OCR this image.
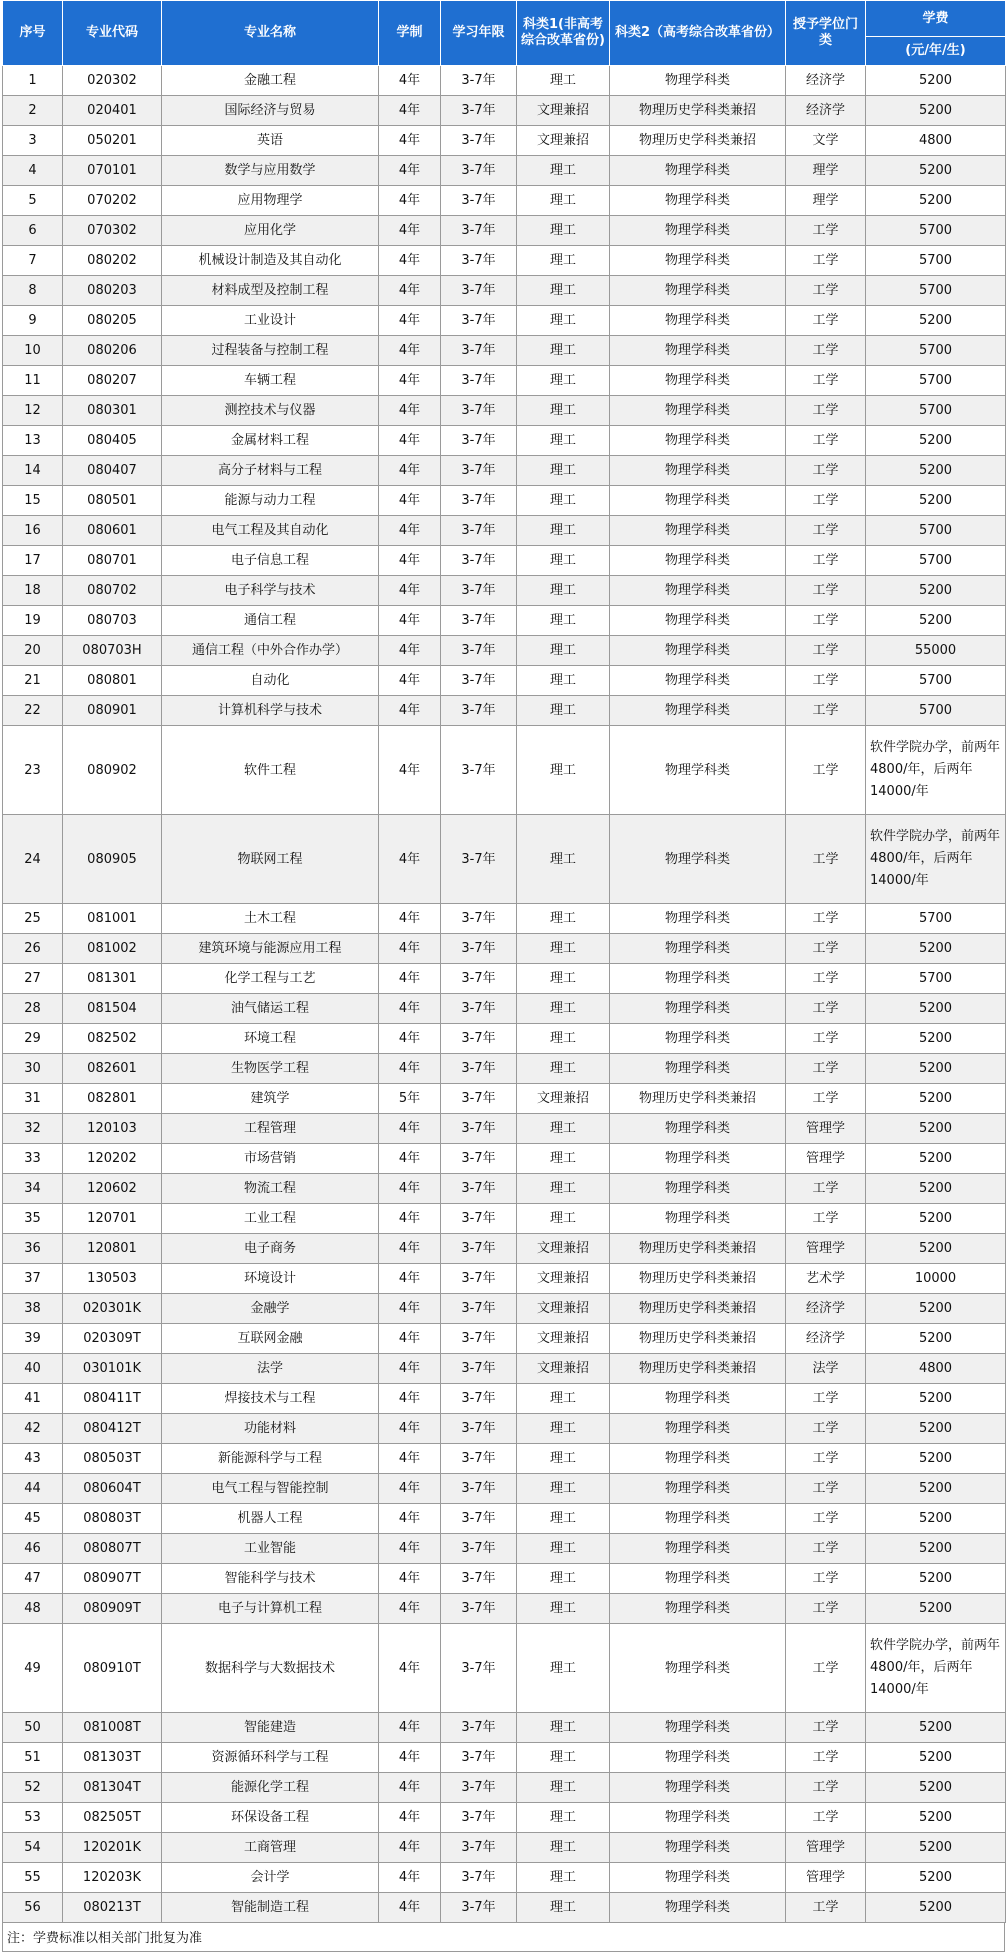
序号	专业代码	专业名称	学制	学习年限	科类1(非高考综合改革省份)	科类2（高考综合改革省份）	授予学位门类	学费
								(元/年/生)
1	020302	金融工程	4年	3-7年	理工	物理学科类	经济学	5200
2	020401	国际经济与贸易	4年	3-7年	文理兼招	物理历史学科类兼招	经济学	5200
3	050201	英语	4年	3-7年	文理兼招	物理历史学科类兼招	文学	4800
4	070101	数学与应用数学	4年	3-7年	理工	物理学科类	理学	5200
5	070202	应用物理学	4年	3-7年	理工	物理学科类	理学	5200
6	070302	应用化学	4年	3-7年	理工	物理学科类	工学	5700
7	080202	机械设计制造及其自动化	4年	3-7年	理工	物理学科类	工学	5700
8	080203	材料成型及控制工程	4年	3-7年	理工	物理学科类	工学	5700
9	080205	工业设计	4年	3-7年	理工	物理学科类	工学	5200
10	080206	过程装备与控制工程	4年	3-7年	理工	物理学科类	工学	5700
11	080207	车辆工程	4年	3-7年	理工	物理学科类	工学	5700
12	080301	测控技术与仪器	4年	3-7年	理工	物理学科类	工学	5700
13	080405	金属材料工程	4年	3-7年	理工	物理学科类	工学	5200
14	080407	高分子材料与工程	4年	3-7年	理工	物理学科类	工学	5200
15	080501	能源与动力工程	4年	3-7年	理工	物理学科类	工学	5200
16	080601	电气工程及其自动化	4年	3-7年	理工	物理学科类	工学	5700
17	080701	电子信息工程	4年	3-7年	理工	物理学科类	工学	5700
18	080702	电子科学与技术	4年	3-7年	理工	物理学科类	工学	5200
19	080703	通信工程	4年	3-7年	理工	物理学科类	工学	5200
20	080703H	通信工程（中外合作办学）	4年	3-7年	理工	物理学科类	工学	55000
21	080801	自动化	4年	3-7年	理工	物理学科类	工学	5700
22	080901	计算机科学与技术	4年	3-7年	理工	物理学科类	工学	5700
23	080902	软件工程	4年	3-7年	理工	物理学科类	工学	软件学院办学，前两年4800/年，后两年14000/年
24	080905	物联网工程	4年	3-7年	理工	物理学科类	工学	软件学院办学，前两年4800/年，后两年14000/年
25	081001	土木工程	4年	3-7年	理工	物理学科类	工学	5700
26	081002	建筑环境与能源应用工程	4年	3-7年	理工	物理学科类	工学	5200
27	081301	化学工程与工艺	4年	3-7年	理工	物理学科类	工学	5700
28	081504	油气储运工程	4年	3-7年	理工	物理学科类	工学	5200
29	082502	环境工程	4年	3-7年	理工	物理学科类	工学	5200
30	082601	生物医学工程	4年	3-7年	理工	物理学科类	工学	5200
31	082801	建筑学	5年	3-7年	文理兼招	物理历史学科类兼招	工学	5200
32	120103	工程管理	4年	3-7年	理工	物理学科类	管理学	5200
33	120202	市场营销	4年	3-7年	理工	物理学科类	管理学	5200
34	120602	物流工程	4年	3-7年	理工	物理学科类	工学	5200
35	120701	工业工程	4年	3-7年	理工	物理学科类	工学	5200
36	120801	电子商务	4年	3-7年	文理兼招	物理历史学科类兼招	管理学	5200
37	130503	环境设计	4年	3-7年	文理兼招	物理历史学科类兼招	艺术学	10000
38	020301K	金融学	4年	3-7年	文理兼招	物理历史学科类兼招	经济学	5200
39	020309T	互联网金融	4年	3-7年	文理兼招	物理历史学科类兼招	经济学	5200
40	030101K	法学	4年	3-7年	文理兼招	物理历史学科类兼招	法学	4800
41	080411T	焊接技术与工程	4年	3-7年	理工	物理学科类	工学	5200
42	080412T	功能材料	4年	3-7年	理工	物理学科类	工学	5200
43	080503T	新能源科学与工程	4年	3-7年	理工	物理学科类	工学	5200
44	080604T	电气工程与智能控制	4年	3-7年	理工	物理学科类	工学	5200
45	080803T	机器人工程	4年	3-7年	理工	物理学科类	工学	5200
46	080807T	工业智能	4年	3-7年	理工	物理学科类	工学	5200
47	080907T	智能科学与技术	4年	3-7年	理工	物理学科类	工学	5200
48	080909T	电子与计算机工程	4年	3-7年	理工	物理学科类	工学	5200
49	080910T	数据科学与大数据技术	4年	3-7年	理工	物理学科类	工学	软件学院办学，前两年4800/年，后两年14000/年
50	081008T	智能建造	4年	3-7年	理工	物理学科类	工学	5200
51	081303T	资源循环科学与工程	4年	3-7年	理工	物理学科类	工学	5200
52	081304T	能源化学工程	4年	3-7年	理工	物理学科类	工学	5200
53	082505T	环保设备工程	4年	3-7年	理工	物理学科类	工学	5200
54	120201K	工商管理	4年	3-7年	理工	物理学科类	管理学	5200
55	120203K	会计学	4年	3-7年	理工	物理学科类	管理学	5200
56	080213T	智能制造工程	4年	3-7年	理工	物理学科类	工学	5200
注：学费标准以相关部门批复为准
